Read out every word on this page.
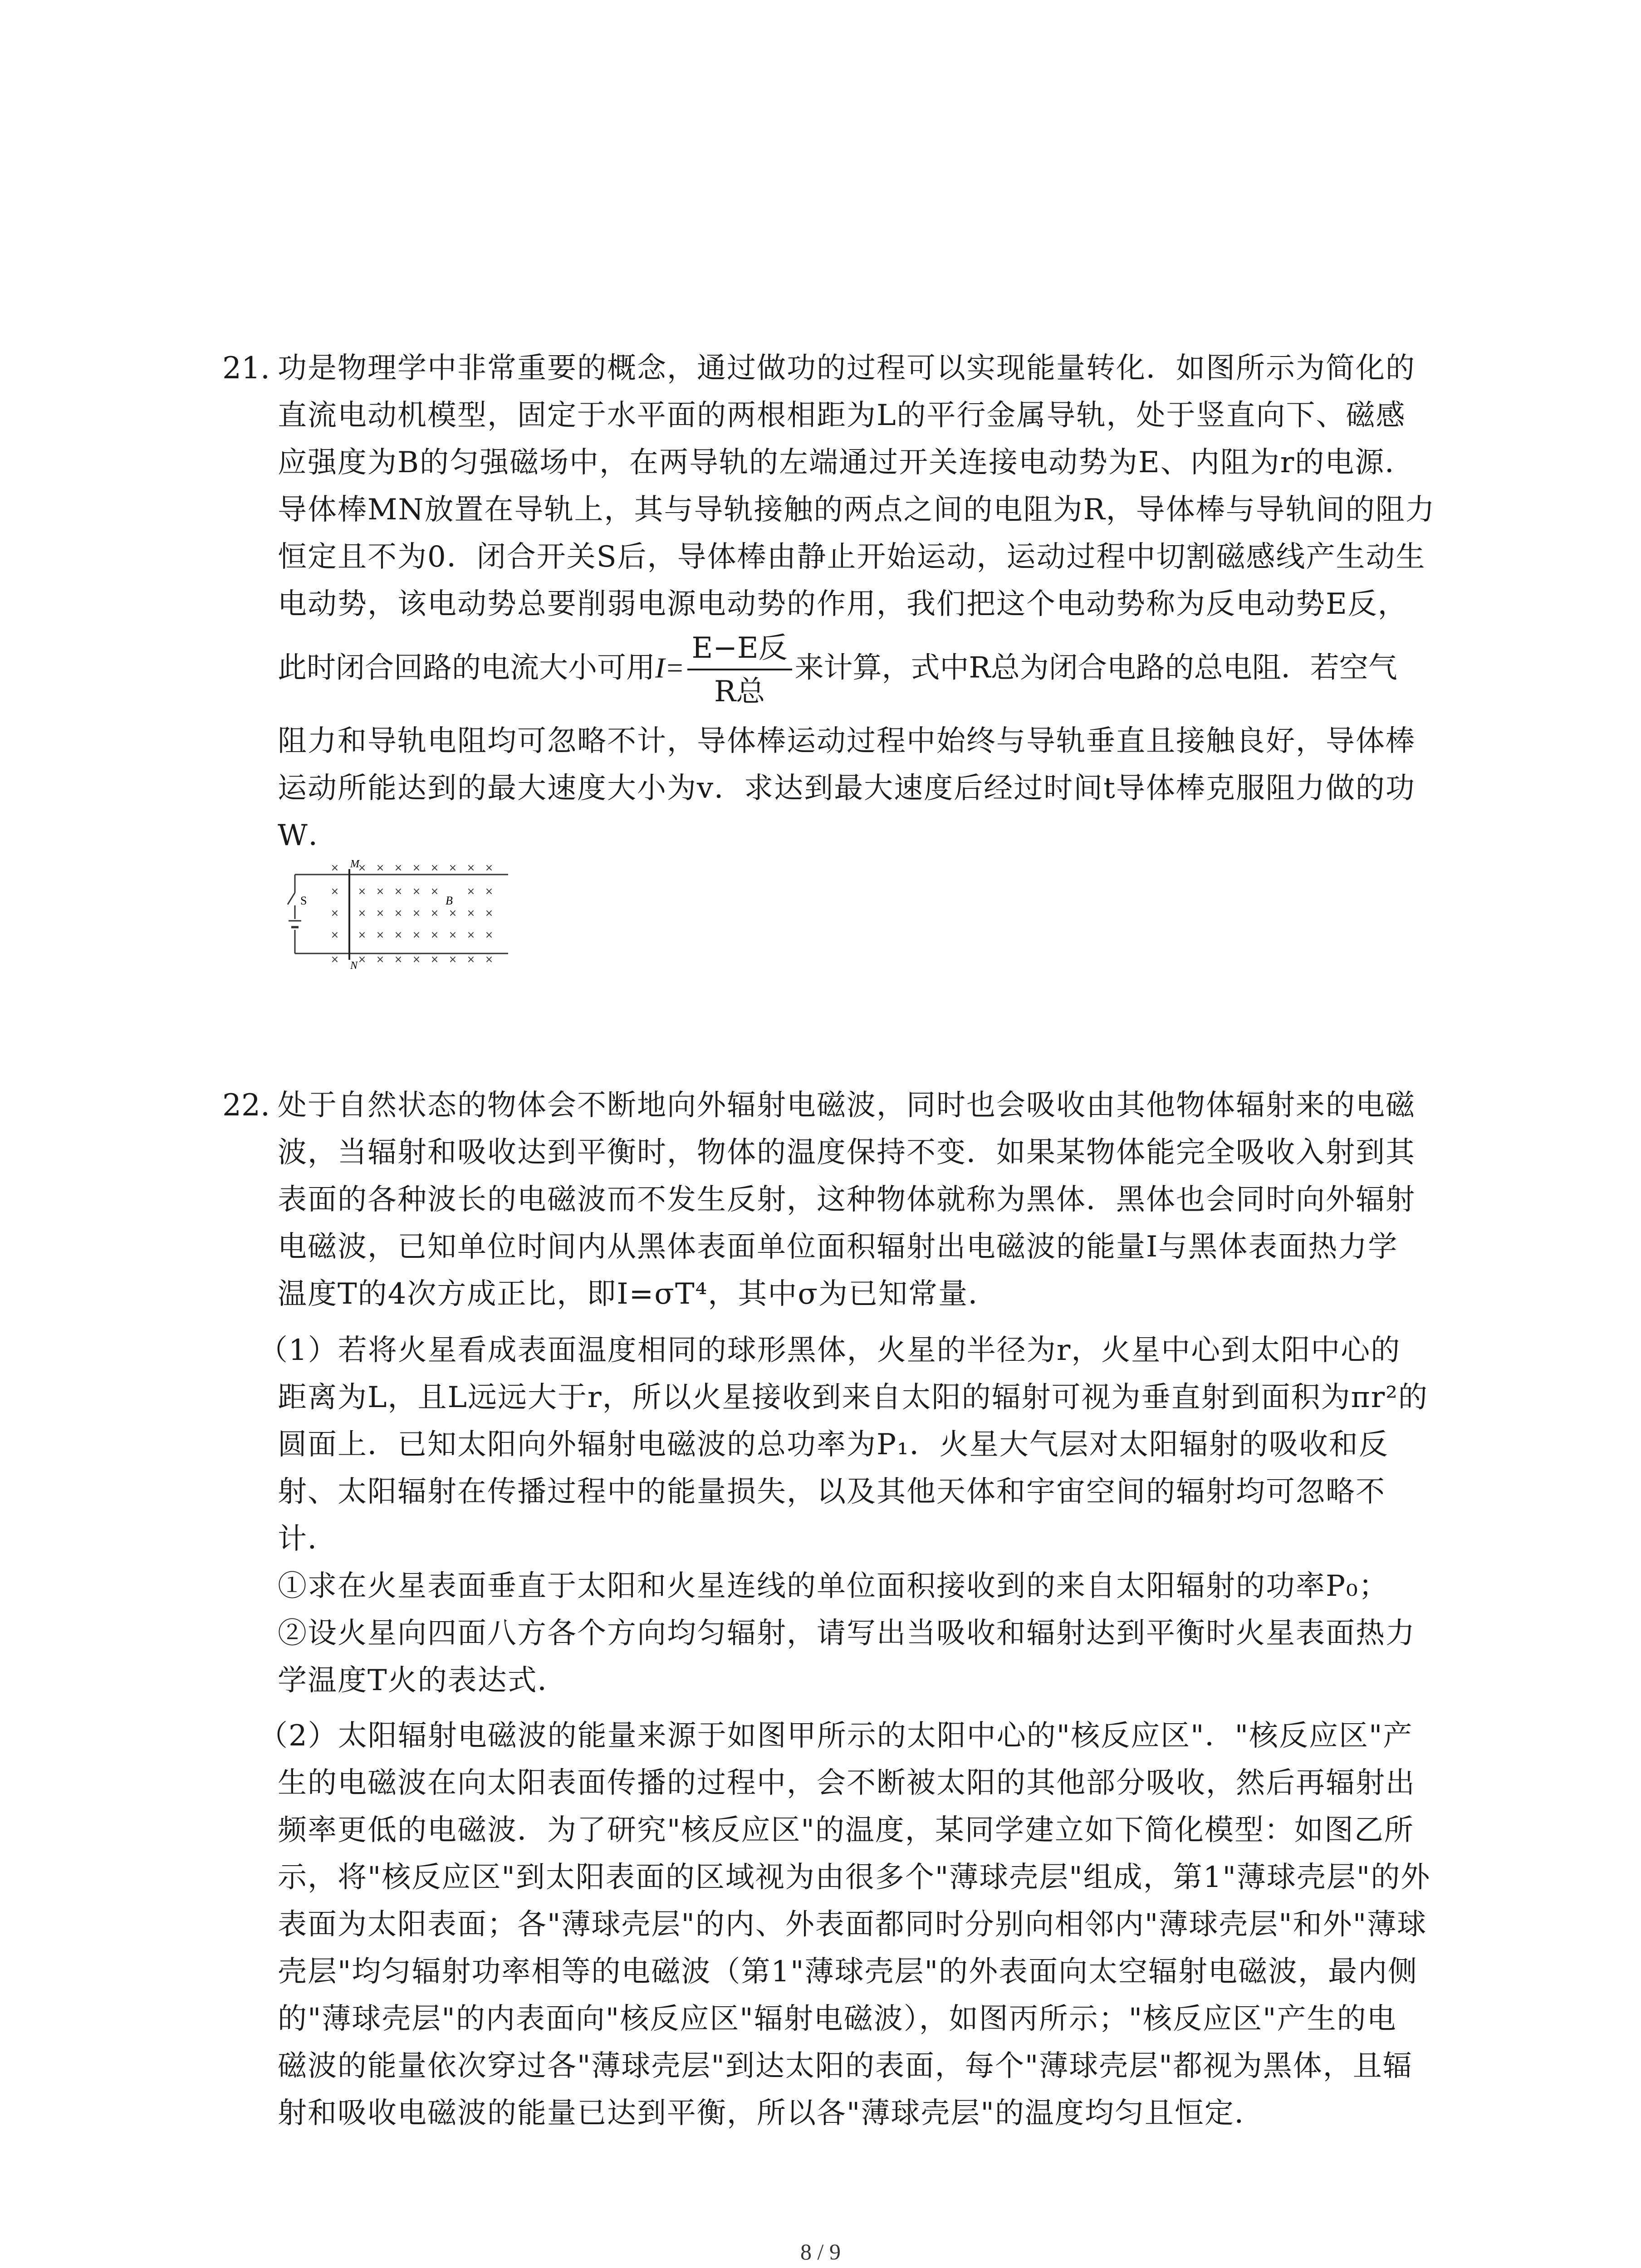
21. 功是物理学中非常重要的概念，通过做功的过程可以实现能量转化．如图所示为简化的
直流电动机模型，固定于水平面的两根相距为L的平行金属导轨，处于竖直向下、磁感
应强度为B的匀强磁场中，在两导轨的左端通过开关连接电动势为E、内阻为r的电源．
导体棒MN放置在导轨上，其与导轨接触的两点之间的电阻为R，导体棒与导轨间的阻力
恒定且不为0．闭合开关S后，导体棒由静止开始运动，运动过程中切割磁感线产生动生
电动势，该电动势总要削弱电源电动势的作用，我们把这个电动势称为反电动势E反，
此时闭合回路的电流大小可用$I= \frac{\text{E−E反}}{\text{R总}}$ 来计算，式中R总为闭合电路的总电阻．若空气
阻力和导轨电阻均可忽略不计，导体棒运动过程中始终与导轨垂直且接触良好，导体棒
运动所能达到的最大速度大小为v．求达到最大速度后经过时间t导体棒克服阻力做的功
W．
S
M
N
B
× × × × × × × × ×
× × × × × ×	× ×
× × × × × × × × ×
× × × × × × × × ×
× × × × × × × × ×
22. 处于自然状态的物体会不断地向外辐射电磁波，同时也会吸收由其他物体辐射来的电磁
波，当辐射和吸收达到平衡时，物体的温度保持不变．如果某物体能完全吸收入射到其
表面的各种波长的电磁波而不发生反射，这种物体就称为黑体．黑体也会同时向外辐射
电磁波，已知单位时间内从黑体表面单位面积辐射出电磁波的能量I与黑体表面热力学
温度T的4次方成正比，即I=σT⁴，其中σ为已知常量．
（1）若将火星看成表面温度相同的球形黑体，火星的半径为r，火星中心到太阳中心的
距离为L，且L远远大于r，所以火星接收到来自太阳的辐射可视为垂直射到面积为πr²的
圆面上．已知太阳向外辐射电磁波的总功率为P₁．火星大气层对太阳辐射的吸收和反
射、太阳辐射在传播过程中的能量损失，以及其他天体和宇宙空间的辐射均可忽略不
计．
①求在火星表面垂直于太阳和火星连线的单位面积接收到的来自太阳辐射的功率P₀；
②设火星向四面八方各个方向均匀辐射，请写出当吸收和辐射达到平衡时火星表面热力
学温度T火的表达式．
（2）太阳辐射电磁波的能量来源于如图甲所示的太阳中心的"核反应区"．"核反应区"产
生的电磁波在向太阳表面传播的过程中，会不断被太阳的其他部分吸收，然后再辐射出
频率更低的电磁波．为了研究"核反应区"的温度，某同学建立如下简化模型：如图乙所
示，将"核反应区"到太阳表面的区域视为由很多个"薄球壳层"组成，第1"薄球壳层"的外
表面为太阳表面；各"薄球壳层"的内、外表面都同时分别向相邻内"薄球壳层"和外"薄球
壳层"均匀辐射功率相等的电磁波（第1"薄球壳层"的外表面向太空辐射电磁波，最内侧
的"薄球壳层"的内表面向"核反应区"辐射电磁波），如图丙所示；"核反应区"产生的电
磁波的能量依次穿过各"薄球壳层"到达太阳的表面，每个"薄球壳层"都视为黑体，且辐
射和吸收电磁波的能量已达到平衡，所以各"薄球壳层"的温度均匀且恒定．
8 / 9
